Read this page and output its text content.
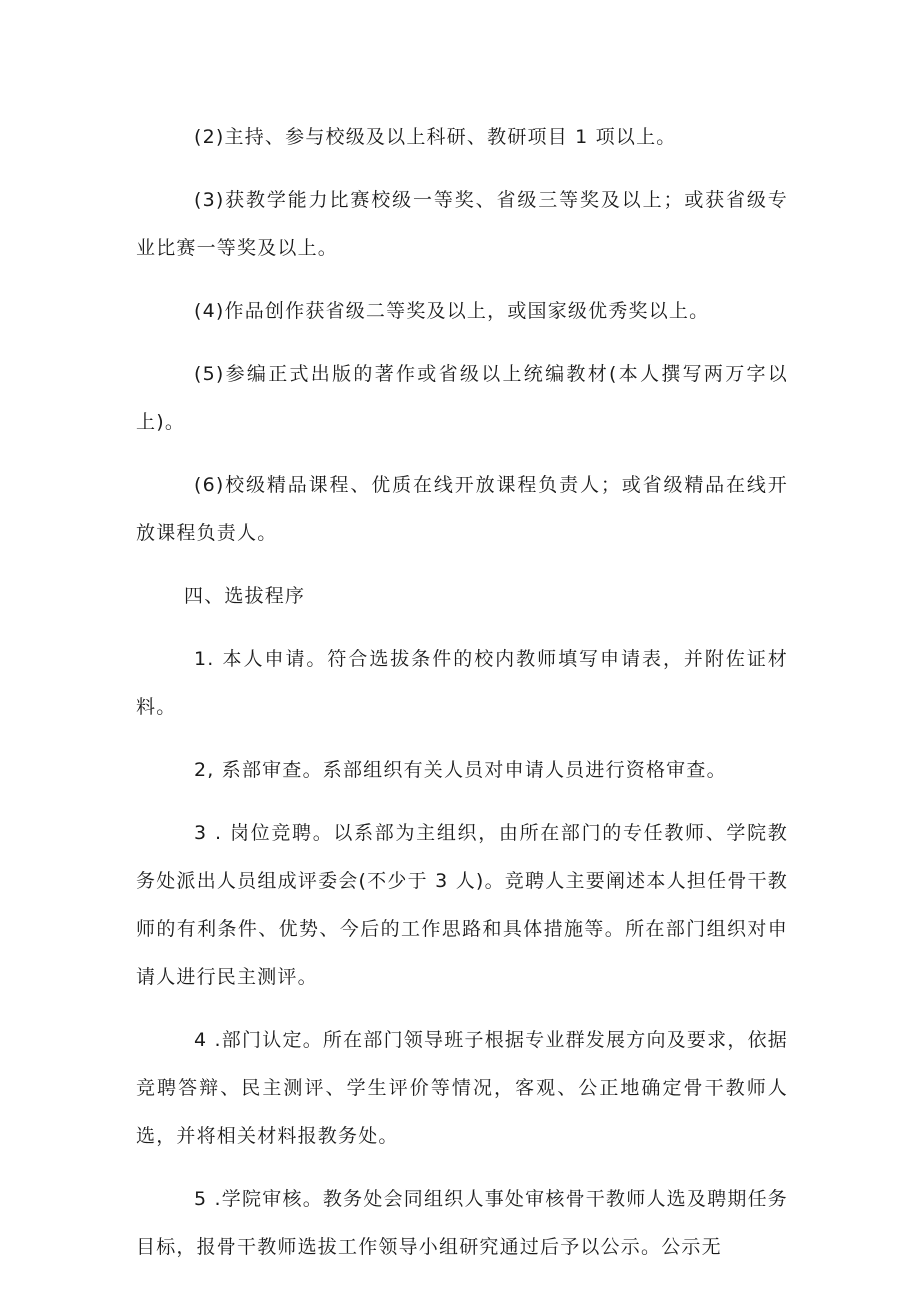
(2)主持、参与校级及以上科研、教研项目 1 项以上。

(3)获教学能力比赛校级一等奖、省级三等奖及以上；或获省级专业比赛一等奖及以上。

(4)作品创作获省级二等奖及以上，或国家级优秀奖以上。

(5)参编正式出版的著作或省级以上统编教材(本人撰写两万字以上)。

(6)校级精品课程、优质在线开放课程负责人；或省级精品在线开放课程负责人。

四、选拔程序

1. 本人申请。符合选拔条件的校内教师填写申请表，并附佐证材料。

2, 系部审查。系部组织有关人员对申请人员进行资格审查。

3 . 岗位竞聘。以系部为主组织，由所在部门的专任教师、学院教务处派出人员组成评委会(不少于 3 人)。竞聘人主要阐述本人担任骨干教师的有利条件、优势、今后的工作思路和具体措施等。所在部门组织对申请人进行民主测评。

4 .部门认定。所在部门领导班子根据专业群发展方向及要求，依据竞聘答辩、民主测评、学生评价等情况，客观、公正地确定骨干教师人选，并将相关材料报教务处。

5 .学院审核。教务处会同组织人事处审核骨干教师人选及聘期任务目标，报骨干教师选拔工作领导小组研究通过后予以公示。公示无
